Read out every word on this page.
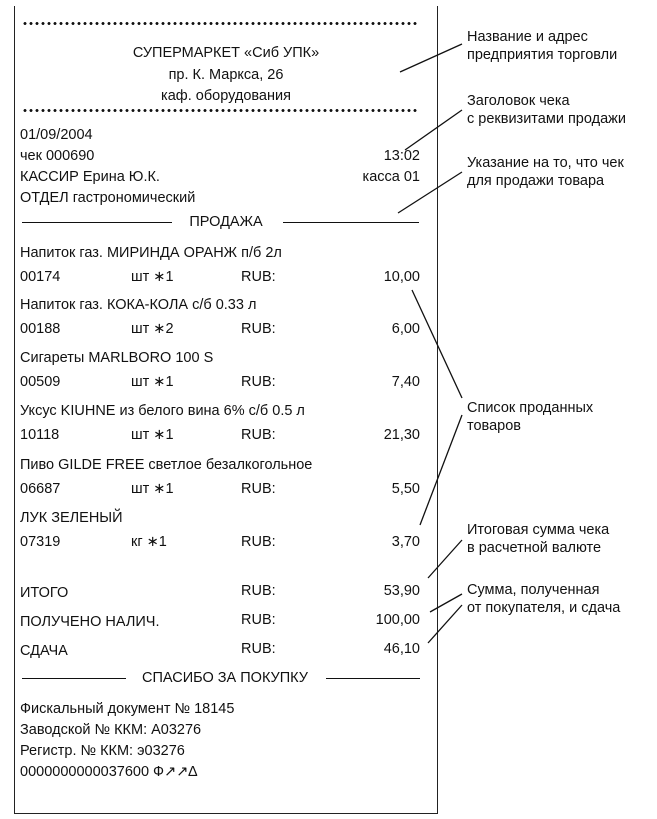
СУПЕРМАРКЕТ «Сиб УПК»
пр. К. Маркса, 26
каф. оборудования
01/09/2004
чек 000690	13:02
КАССИР Ерина Ю.К.	касса 01
ОТДЕЛ гастрономический
ПРОДАЖА
Напиток газ. МИРИНДА ОРАНЖ п/б 2л
00174	шт ∗1	RUB:	10,00
Напиток газ. КОКА-КОЛА с/б 0.33 л
00188	шт ∗2	RUB:	6,00
Сигареты MARLBORO 100 S
00509	шт ∗1	RUB:	7,40
Уксус KIUHNE из белого вина 6% с/б 0.5 л
10118	шт ∗1	RUB:	21,30
Пиво GILDE FREE светлое безалкогольное
06687	шт ∗1	RUB:	5,50
ЛУК ЗЕЛЕНЫЙ
07319	кг ∗1	RUB:	3,70
ИТОГО	RUB:	53,90
ПОЛУЧЕНО НАЛИЧ.	RUB:	100,00
СДАЧА	RUB:	46,10
СПАСИБО ЗА ПОКУПКУ
Фискальный документ № 18145
Заводской № ККМ: А03276
Регистр. № ККМ: э03276
0000000000037600 Ф↗↗∆
Название и адрес
предприятия торговли
Заголовок чека
с реквизитами продажи
Указание на то, что чек
для продажи товара
Список проданных
товаров
Итоговая сумма чека
в расчетной валюте
Сумма, полученная
от покупателя, и сдача
